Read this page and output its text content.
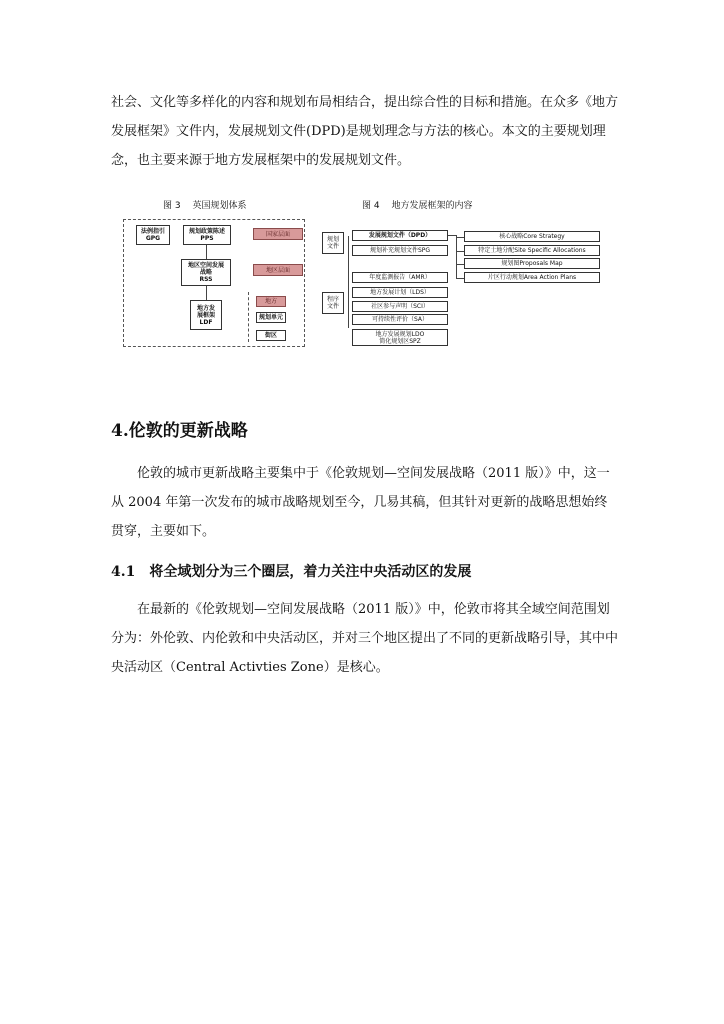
社会、文化等多样化的内容和规划布局相结合，提出综合性的目标和措施。在众多《地方发展框架》文件内，发展规划文件(DPD)是规划理念与方法的核心。本文的主要规划理念，也主要来源于地方发展框架中的发展规划文件。

图 3　 英国规划体系
法例指引
GPG
规划政策陈述
PPS
地区空间发展
战略
RSS
地方发
展框架
LDF
国家层面
地区层面
地方
规划单元
街区
图 4　 地方发展框架的内容
规划
文件
程序
文件
发展规划文件（DPD）
规划补充规划文件SPG
年度监测报告（AMR）
地方发展计划（LDS）
社区参与声明（SCI）
可持续性评价（SA）
地方发展规划LDO
简化规划区SPZ
核心战略Core Strategy
特定土地分配Site Specific Allocations
规划图Proposals Map
片区行动规划Area Action Plans
4.伦敦的更新战略

　　伦敦的城市更新战略主要集中于《伦敦规划—空间发展战略（2011 版）》中，这一从 2004 年第一次发布的城市战略规划至今，几易其稿，但其针对更新的战略思想始终贯穿，主要如下。

4.1　将全域划分为三个圈层，着力关注中央活动区的发展

　　在最新的《伦敦规划—空间发展战略（2011 版）》中，伦敦市将其全域空间范围划分为：外伦敦、内伦敦和中央活动区，并对三个地区提出了不同的更新战略引导，其中中央活动区（Central Activties Zone）是核心。
